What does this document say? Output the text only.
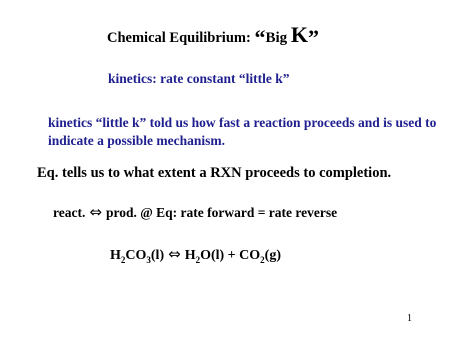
Chemical Equilibrium: “Big K”
kinetics: rate constant “little k”
kinetics “little k” told us how fast a reaction proceeds and is used to indicate a possible mechanism.
Eq. tells us to what extent a RXN proceeds to completion.
react. ⇔ prod. @ Eq: rate forward = rate reverse
$H_2CO_3(l)$ ⇔ $H_2O(l) + CO_2(g)$
1
